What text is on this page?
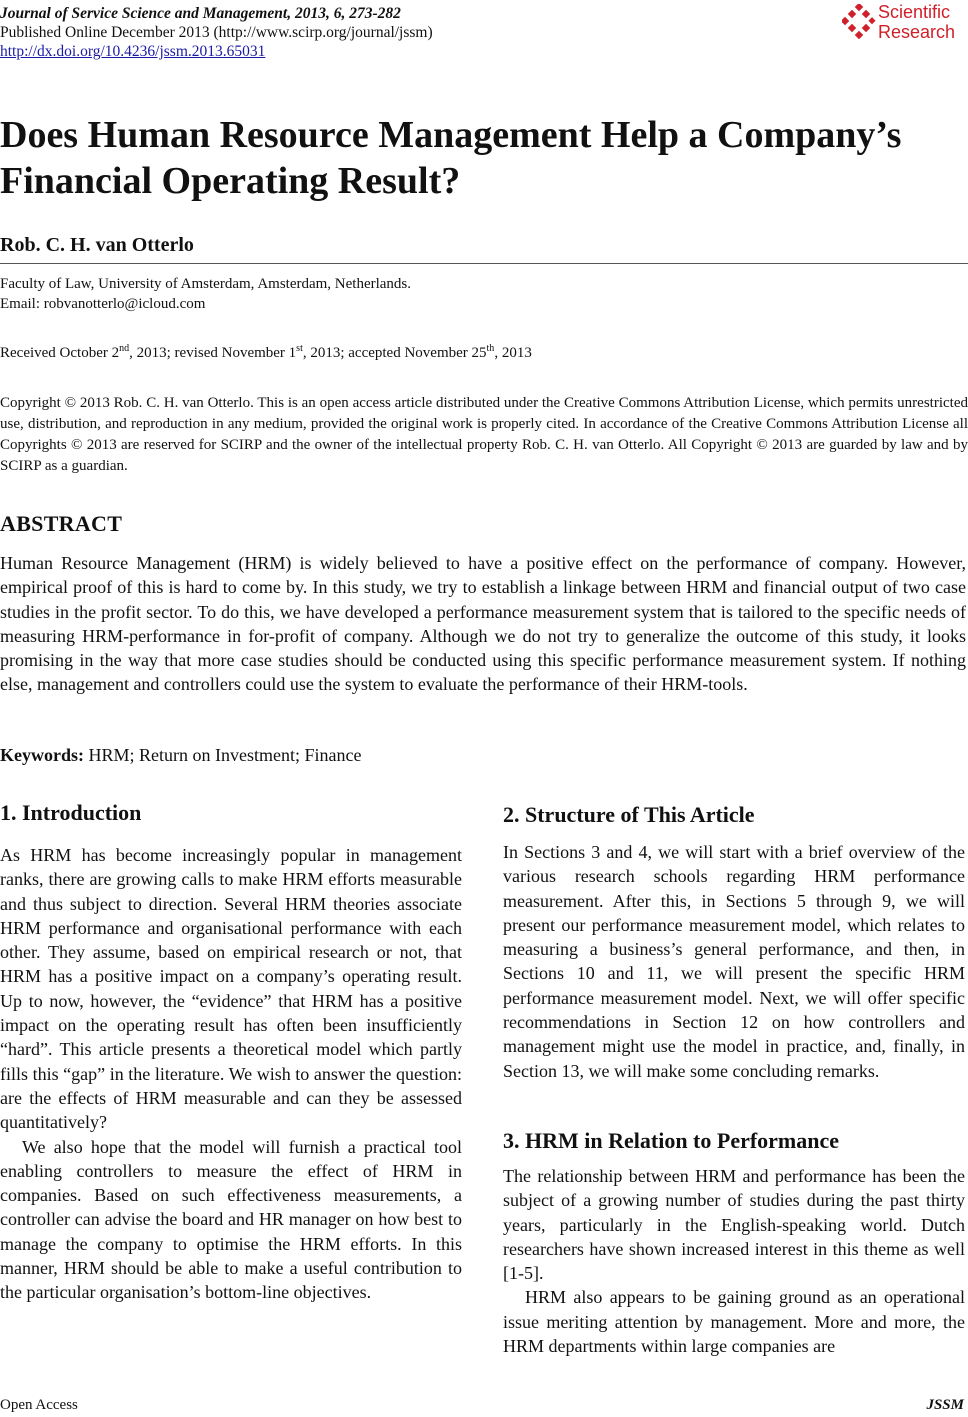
Journal of Service Science and Management, 2013, 6, 273-282
Published Online December 2013 (http://www.scirp.org/journal/jssm)
http://dx.doi.org/10.4236/jssm.2013.65031
Scientific
Research
Does Human Resource Management Help a Company’s Financial Operating Result?
Rob. C. H. van Otterlo
Faculty of Law, University of Amsterdam, Amsterdam, Netherlands.
Email: robvanotterlo@icloud.com
Received October 2nd, 2013; revised November 1st, 2013; accepted November 25th, 2013
Copyright © 2013 Rob. C. H. van Otterlo. This is an open access article distributed under the Creative Commons Attribution License, which permits unrestricted use, distribution, and reproduction in any medium, provided the original work is properly cited. In accordance of the Creative Commons Attribution License all Copyrights © 2013 are reserved for SCIRP and the owner of the intellectual property Rob. C. H. van Otterlo. All Copyright © 2013 are guarded by law and by SCIRP as a guardian.
ABSTRACT
Human Resource Management (HRM) is widely believed to have a positive effect on the performance of company. However, empirical proof of this is hard to come by. In this study, we try to establish a linkage between HRM and financial output of two case studies in the profit sector. To do this, we have developed a performance measurement system that is tailored to the specific needs of measuring HRM-performance in for-profit of company. Although we do not try to generalize the outcome of this study, it looks promising in the way that more case studies should be conducted using this specific performance measurement system. If nothing else, management and controllers could use the system to evaluate the performance of their HRM-tools.
Keywords: HRM; Return on Investment; Finance
1. Introduction

As HRM has become increasingly popular in management ranks, there are growing calls to make HRM efforts measurable and thus subject to direction. Several HRM theories associate HRM performance and organisational performance with each other. They assume, based on empirical research or not, that HRM has a positive impact on a company’s operating result. Up to now, however, the “evidence” that HRM has a positive impact on the operating result has often been insufficiently “hard”. This article presents a theoretical model which partly fills this “gap” in the literature. We wish to answer the question: are the effects of HRM measurable and can they be assessed quantitatively?

We also hope that the model will furnish a practical tool enabling controllers to measure the effect of HRM in companies. Based on such effectiveness measurements, a controller can advise the board and HR manager on how best to manage the company to optimise the HRM efforts. In this manner, HRM should be able to make a useful contribution to the particular organisation’s bottom-line objectives.

2. Structure of This Article

In Sections 3 and 4, we will start with a brief overview of the various research schools regarding HRM performance measurement. After this, in Sections 5 through 9, we will present our performance measurement model, which relates to measuring a business’s general performance, and then, in Sections 10 and 11, we will present the specific HRM performance measurement model. Next, we will offer specific recommendations in Section 12 on how controllers and management might use the model in practice, and, finally, in Section 13, we will make some concluding remarks.

3. HRM in Relation to Performance

The relationship between HRM and performance has been the subject of a growing number of studies during the past thirty years, particularly in the English-speaking world. Dutch researchers have shown increased interest in this theme as well [1-5].

HRM also appears to be gaining ground as an operational issue meriting attention by management. More and more, the HRM departments within large companies are

Open Access	JSSM
